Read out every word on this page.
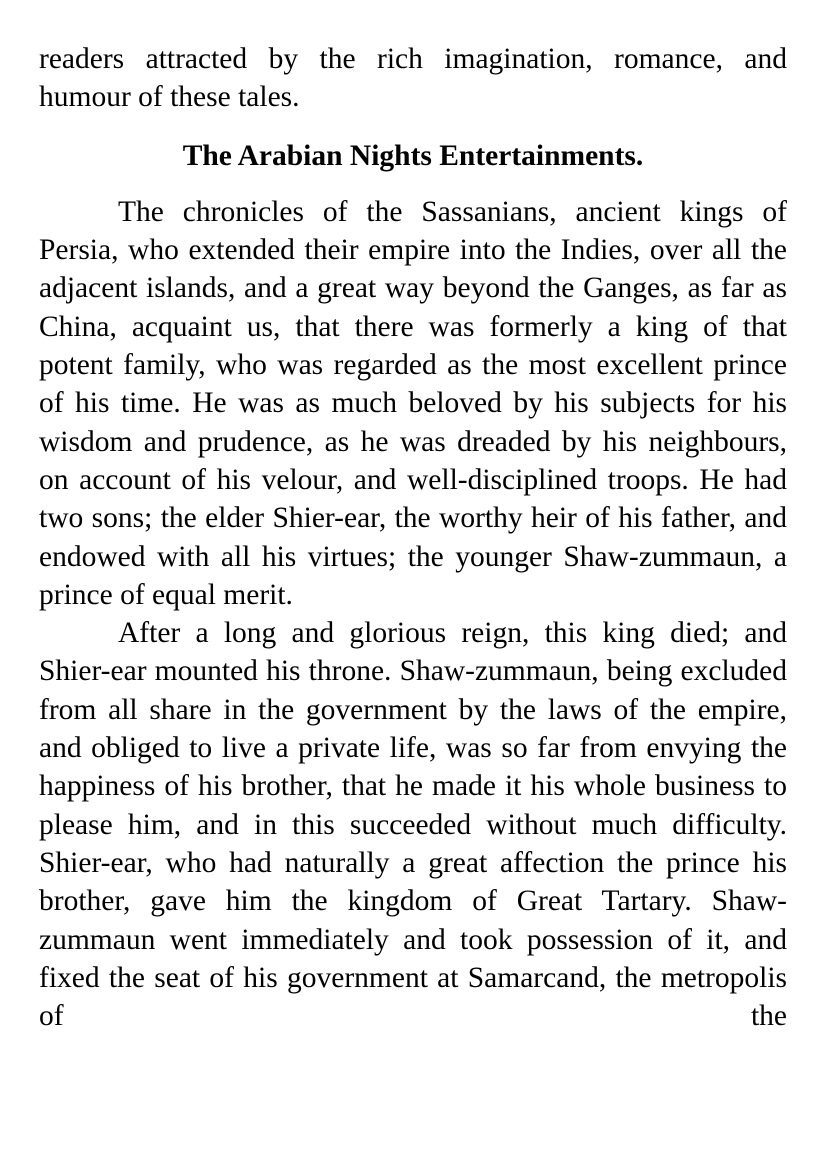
readers attracted by the rich imagination, romance, and humour of these tales.

The Arabian Nights Entertainments.

The chronicles of the Sassanians, ancient kings of Persia, who extended their empire into the Indies, over all the adjacent islands, and a great way beyond the Ganges, as far as China, acquaint us, that there was formerly a king of that potent family, who was regarded as the most excellent prince of his time. He was as much beloved by his subjects for his wisdom and prudence, as he was dreaded by his neighbours, on account of his velour, and well-disciplined troops. He had two sons; the elder Shier-ear, the worthy heir of his father, and endowed with all his virtues; the younger Shaw-zummaun, a prince of equal merit.

After a long and glorious reign, this king died; and Shier-ear mounted his throne. Shaw-zummaun, being excluded from all share in the government by the laws of the empire, and obliged to live a private life, was so far from envying the happiness of his brother, that he made it his whole business to please him, and in this succeeded without much difficulty. Shier-ear, who had naturally a great affection the prince his brother, gave him the kingdom of Great Tartary. Shaw-zummaun went immediately and took possession of it, and fixed the seat of his government at Samarcand, the metropolis of the
